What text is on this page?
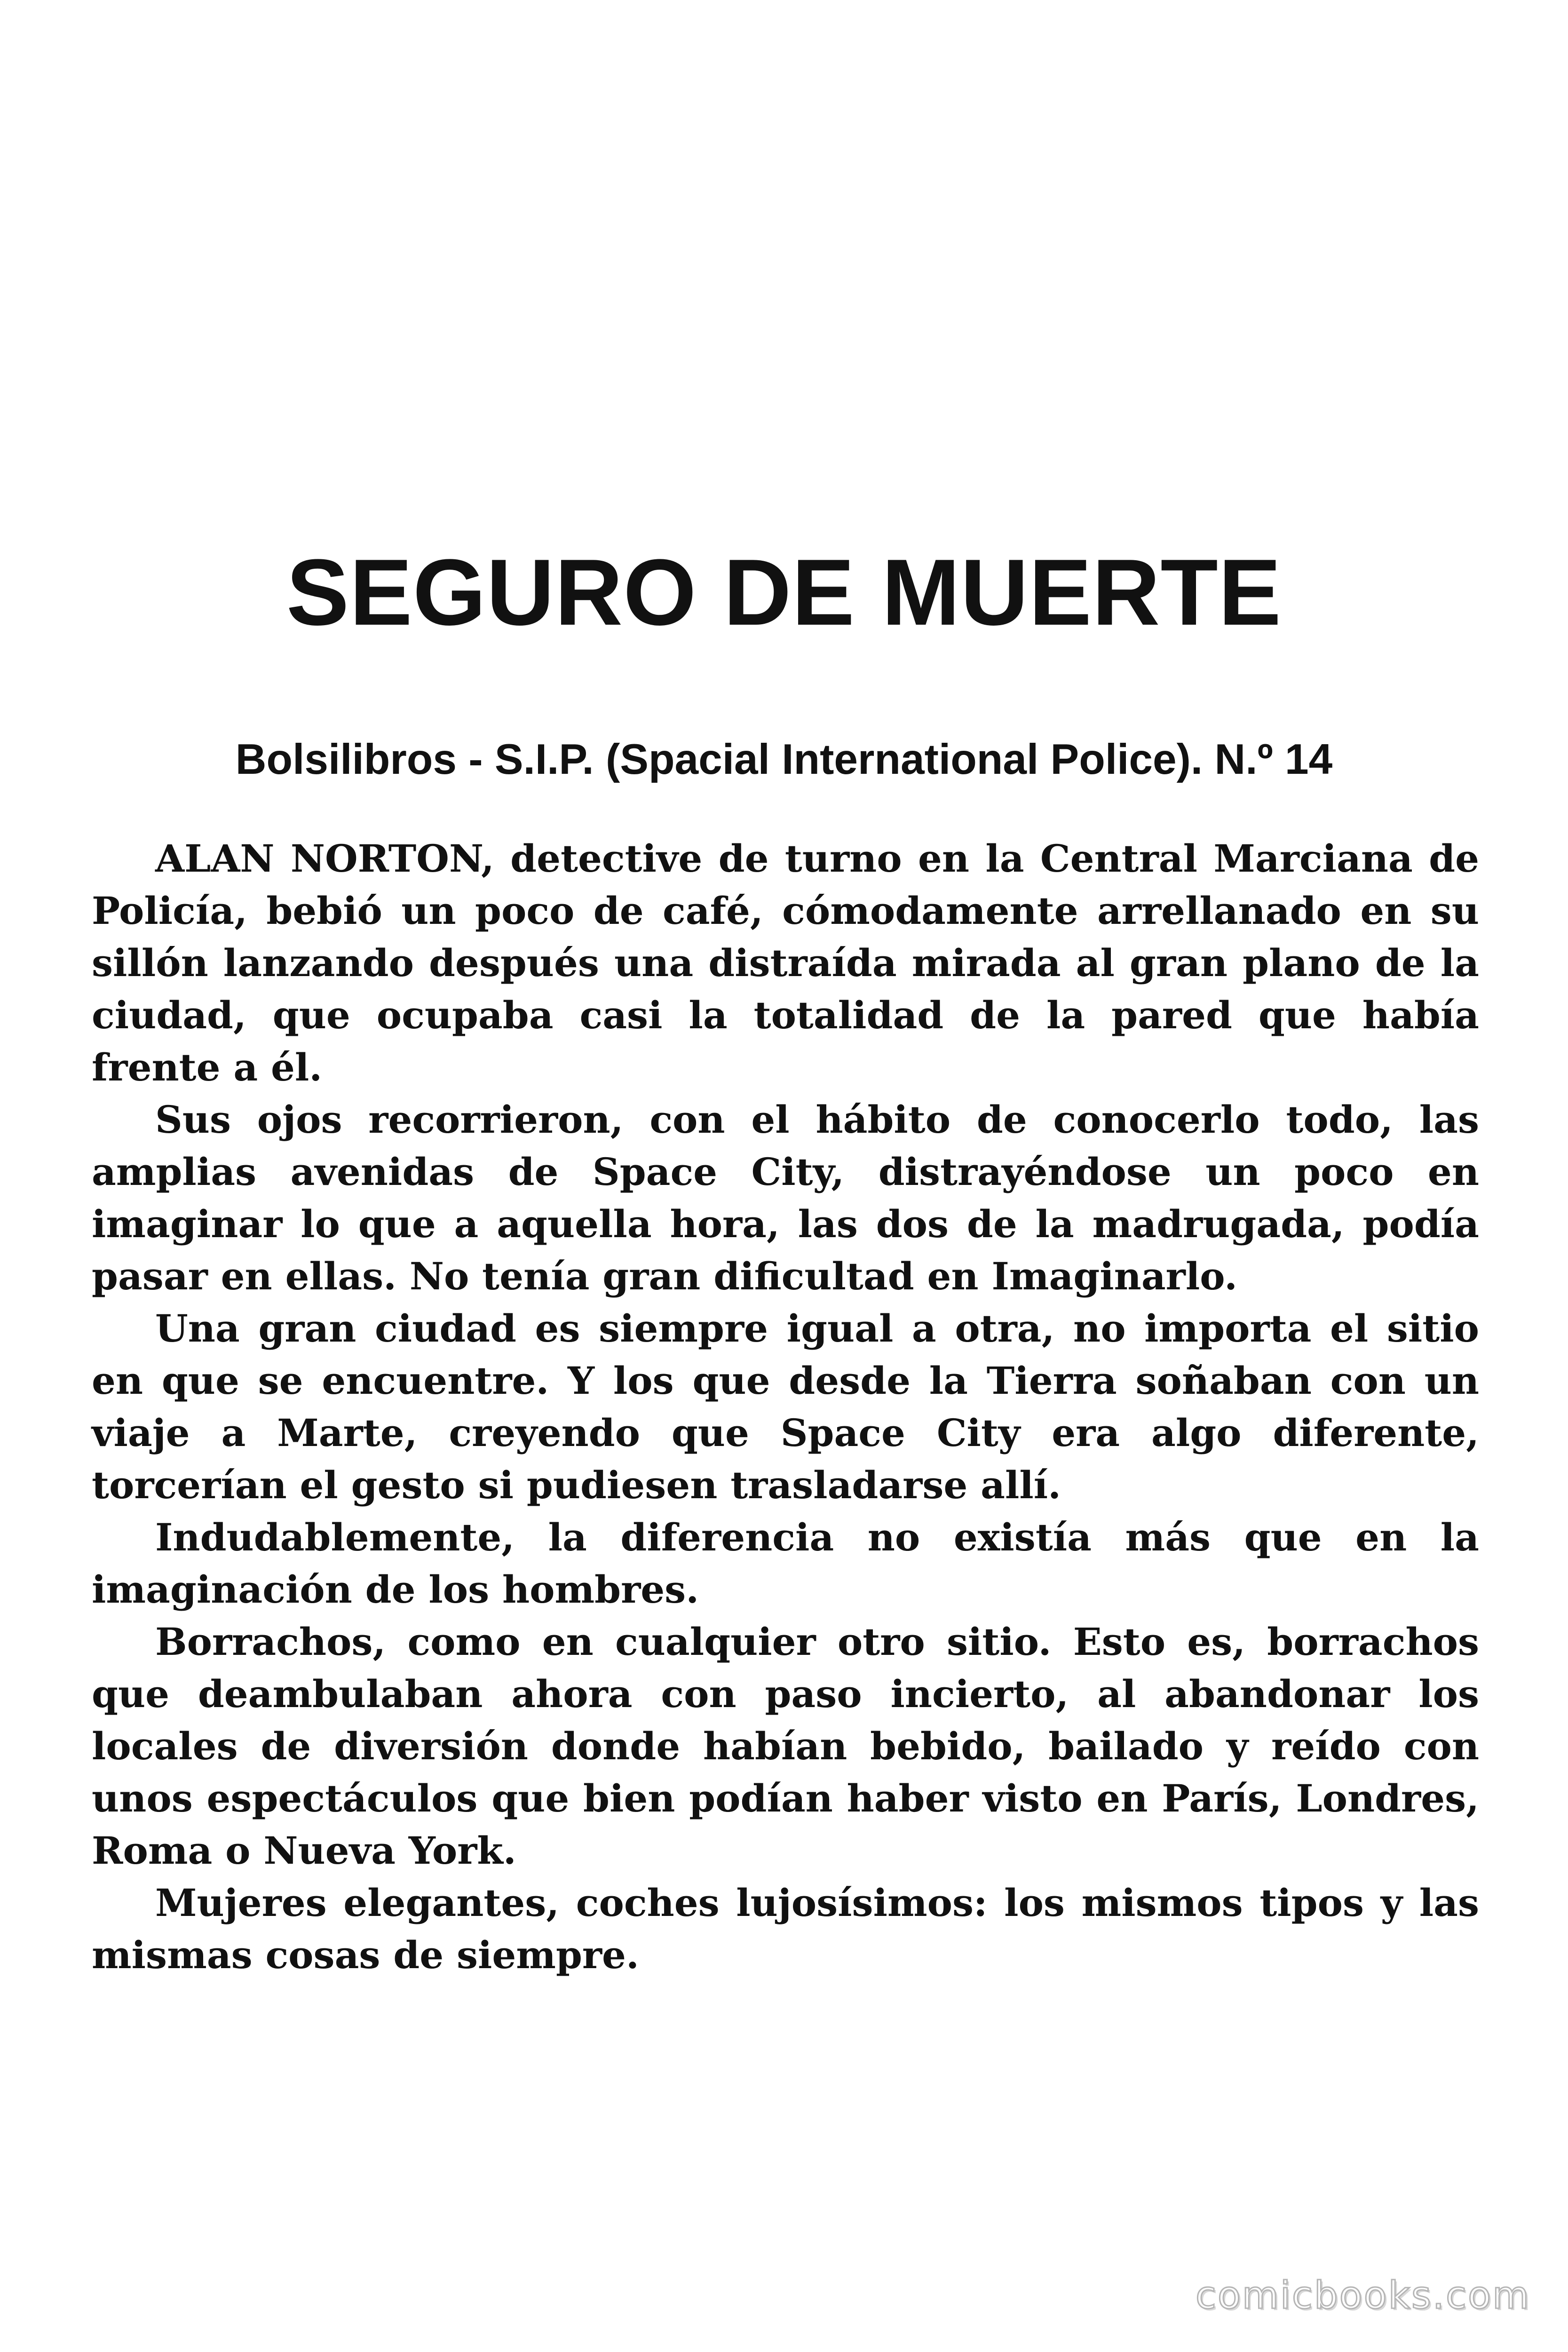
SEGURO DE MUERTE
Bolsilibros - S.I.P. (Spacial International Police). N.º 14

ALAN NORTON, detective de turno en la Central Marciana de Policía, bebió un poco de café, cómodamente arrellanado en su sillón lanzando después una distraída mirada al gran plano de la ciudad, que ocupaba casi la totalidad de la pared que había frente a él.

Sus ojos recorrieron, con el hábito de conocerlo todo, las amplias avenidas de Space City, distrayéndose un poco en imaginar lo que a aquella hora, las dos de la madrugada, podía pasar en ellas. No tenía gran dificultad en Imaginarlo.

Una gran ciudad es siempre igual a otra, no importa el sitio en que se encuentre. Y los que desde la Tierra soñaban con un viaje a Marte, creyendo que Space City era algo diferente, torcerían el gesto si pudiesen trasladarse allí.

Indudablemente, la diferencia no existía más que en la imaginación de los hombres.

Borrachos, como en cualquier otro sitio. Esto es, borrachos que deambulaban ahora con paso incierto, al abandonar los locales de diversión donde habían bebido, bailado y reído con unos espectáculos que bien podían haber visto en París, Londres, Roma o Nueva York.

Mujeres elegantes, coches lujosísimos: los mismos tipos y las mismas cosas de siempre.

comicbooks.com
